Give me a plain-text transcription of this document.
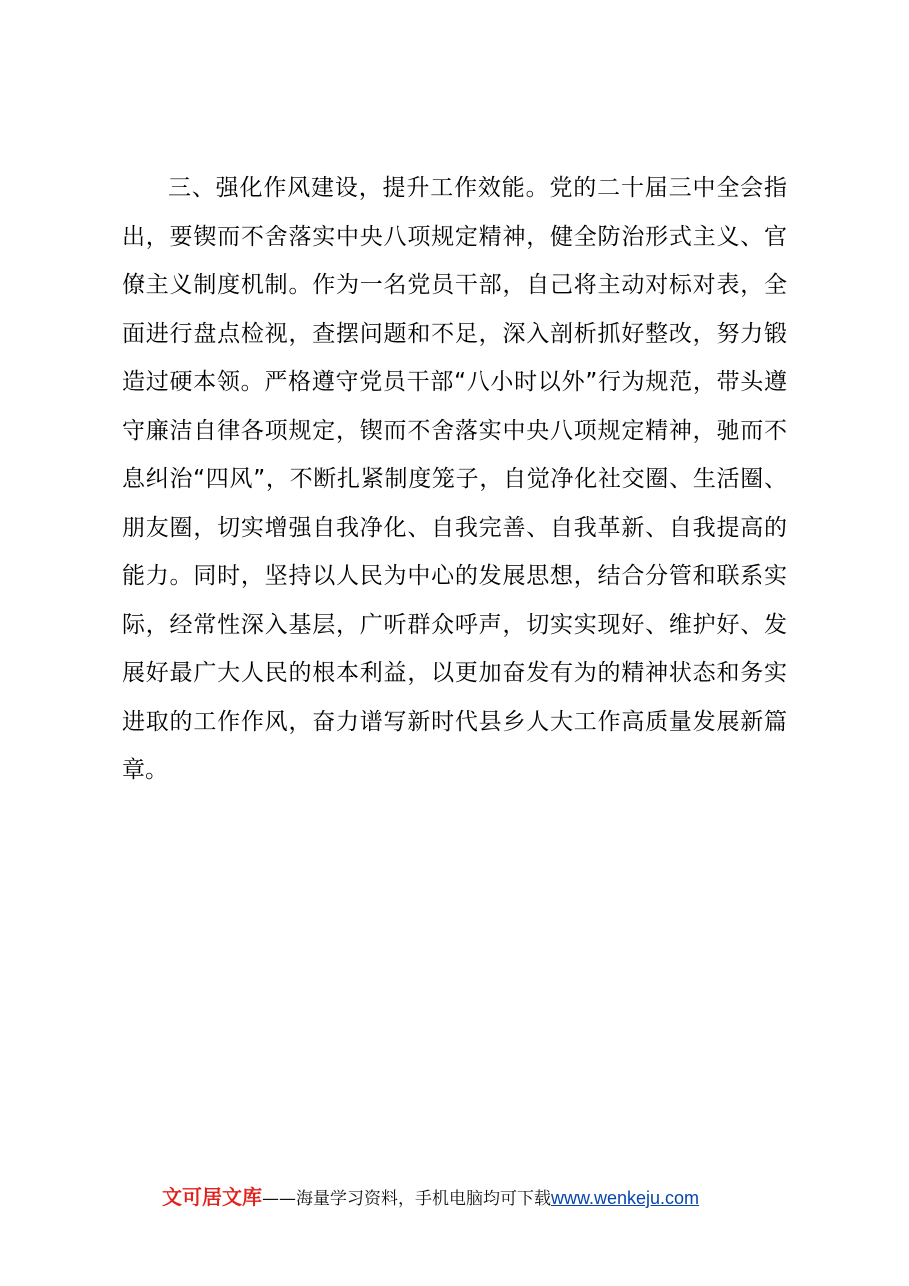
三、强化作风建设，提升工作效能。党的二十届三中全会指
出，要锲而不舍落实中央八项规定精神，健全防治形式主义、官
僚主义制度机制。作为一名党员干部，自己将主动对标对表，全
面进行盘点检视，查摆问题和不足，深入剖析抓好整改，努力锻
造过硬本领。严格遵守党员干部“八小时以外”行为规范，带头遵
守廉洁自律各项规定，锲而不舍落实中央八项规定精神，驰而不
息纠治“四风”，不断扎紧制度笼子，自觉净化社交圈、生活圈、
朋友圈，切实增强自我净化、自我完善、自我革新、自我提高的
能力。同时，坚持以人民为中心的发展思想，结合分管和联系实
际，经常性深入基层，广听群众呼声，切实实现好、维护好、发
展好最广大人民的根本利益，以更加奋发有为的精神状态和务实
进取的工作作风，奋力谱写新时代县乡人大工作高质量发展新篇
章。
文可居文库——海量学习资料，手机电脑均可下载www.wenkeju.com
